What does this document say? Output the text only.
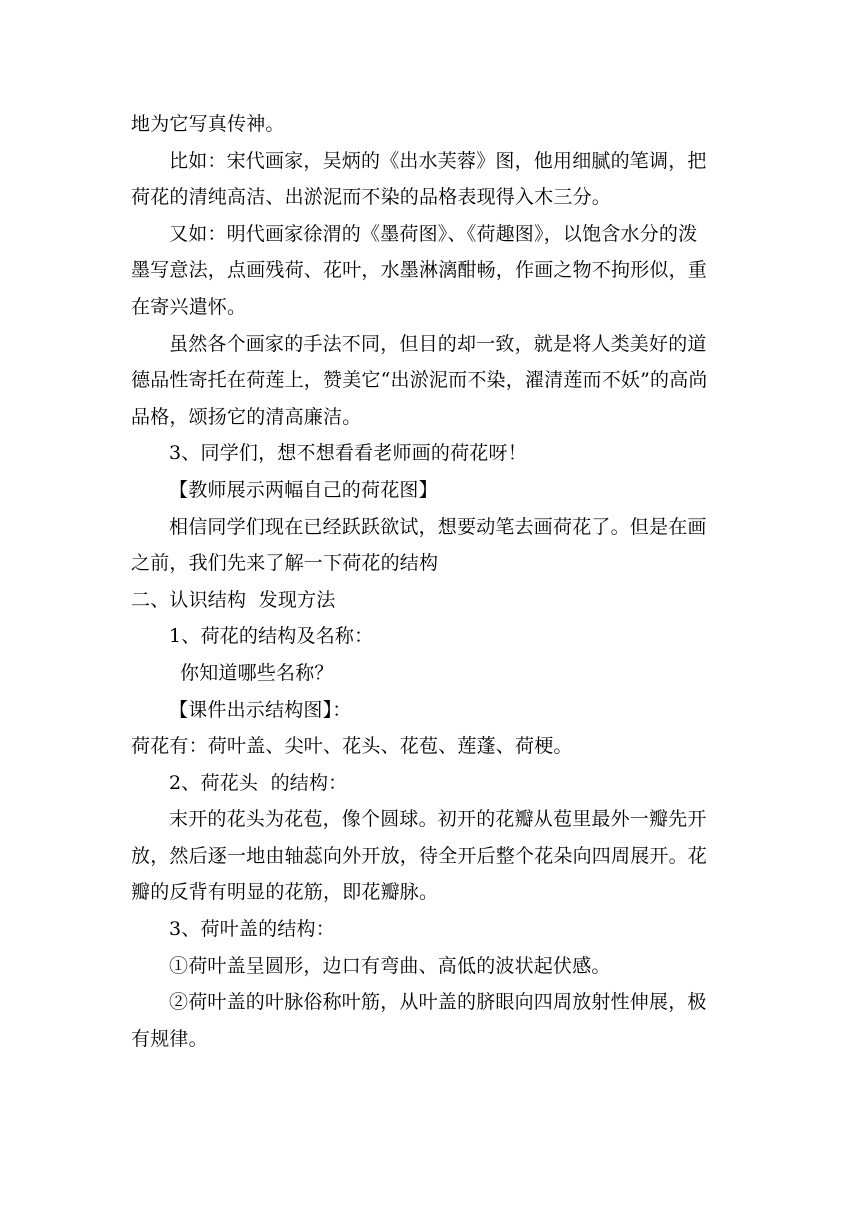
地为它写真传神。

比如：宋代画家，吴炳的《出水芙蓉》图，他用细腻的笔调，把
荷花的清纯高洁、出淤泥而不染的品格表现得入木三分。

又如：明代画家徐渭的《墨荷图》、《荷趣图》，以饱含水分的泼
墨写意法，点画残荷、花叶，水墨淋漓酣畅，作画之物不拘形似，重
在寄兴遣怀。

虽然各个画家的手法不同，但目的却一致，就是将人类美好的道
德品性寄托在荷莲上，赞美它“出淤泥而不染，濯清莲而不妖”的高尚
品格，颂扬它的清高廉洁。

3、同学们，想不想看看老师画的荷花呀！

【教师展示两幅自己的荷花图】

相信同学们现在已经跃跃欲试，想要动笔去画荷花了。但是在画
之前，我们先来了解一下荷花的结构

二、认识结构  发现方法

1、荷花的结构及名称：

你知道哪些名称？

【课件出示结构图】：

荷花有：荷叶盖、尖叶、花头、花苞、莲蓬、荷梗。

2、荷花头  的结构：

末开的花头为花苞，像个圆球。初开的花瓣从苞里最外一瓣先开
放，然后逐一地由轴蕊向外开放，待全开后整个花朵向四周展开。花
瓣的反背有明显的花筋，即花瓣脉。

3、荷叶盖的结构：

①荷叶盖呈圆形，边口有弯曲、高低的波状起伏感。

②荷叶盖的叶脉俗称叶筋，从叶盖的脐眼向四周放射性伸展，极
有规律。
